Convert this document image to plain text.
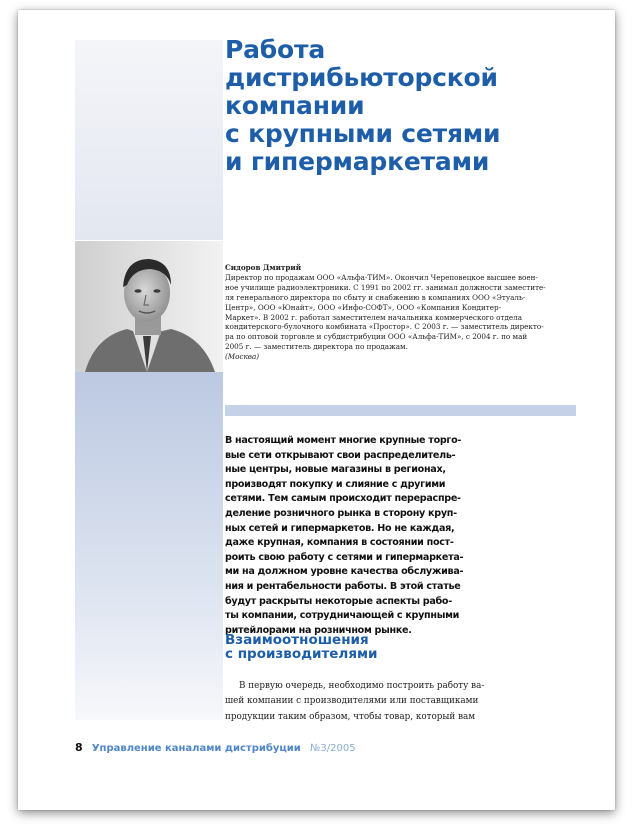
Работа
дистрибьюторской
компании
с крупными сетями
и гипермаркетами
Сидоров Дмитрий
Директор по продажам ООО «Альфа-ТИМ». Окончил Череповецкое высшее воен-
ное училище радиоэлектроники. С 1991 по 2002 гг. занимал должности заместите-
ля генерального директора по сбыту и снабжению в компаниях ООО «Этуаль-
Центр», ООО «Юнайт», ООО «Инфо-СОФТ», ООО «Компания Кондитер-
Маркет». В 2002 г. работал заместителем начальника коммерческого отдела
кондитерского-булочного комбината «Простор». С 2003 г. — заместитель директо-
ра по оптовой торговле и субдистрибуции ООО «Альфа-ТИМ», с 2004 г. по май
2005 г. — заместитель директора по продажам.
(Москва)
В настоящий момент многие крупные торго-
вые сети открывают свои распределитель-
ные центры, новые магазины в регионах,
производят покупку и слияние с другими
сетями. Тем самым происходит перераспре-
деление розничного рынка в сторону круп-
ных сетей и гипермаркетов. Но не каждая,
даже крупная, компания в состоянии пост-
роить свою работу с сетями и гипермаркета-
ми на должном уровне качества обслужива-
ния и рентабельности работы. В этой статье
будут раскрыты некоторые аспекты рабо-
ты компании, сотрудничающей с крупными
ритейлорами на розничном рынке.
Взаимоотношения
с производителями
В первую очередь, необходимо построить работу ва-
шей компании с производителями или поставщиками
продукции таким образом, чтобы товар, который вам
8 Управление каналами дистрибуции №3/2005
